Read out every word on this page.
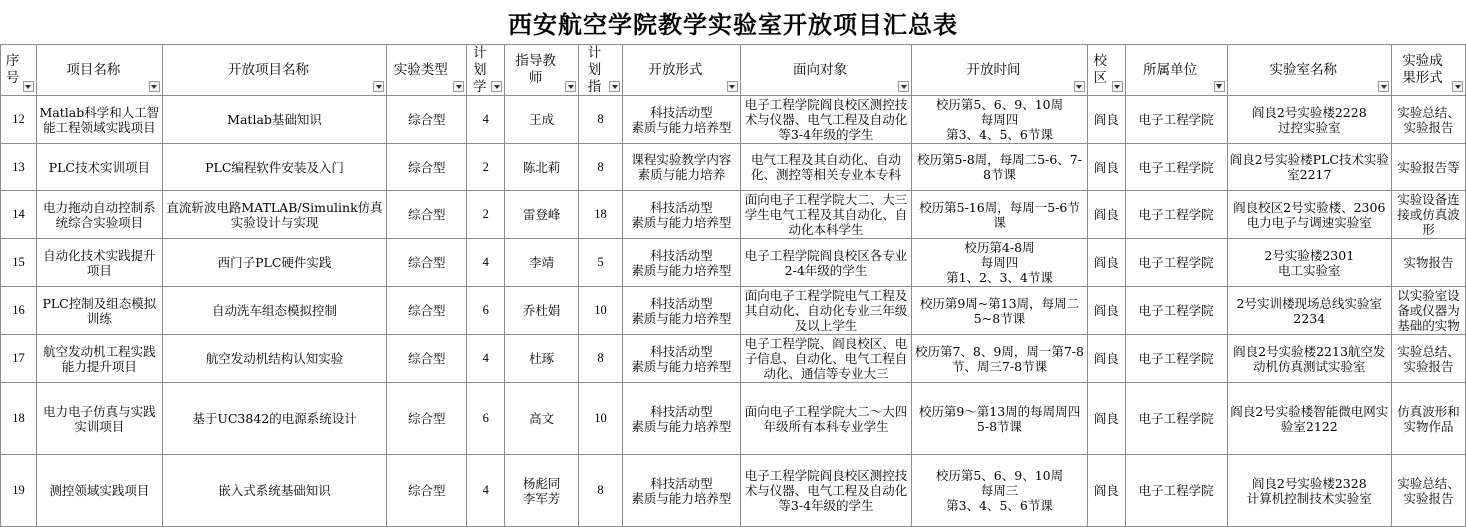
西安航空学院教学实验室开放项目汇总表
序号	项目名称	开放项目名称	实验类型	计划学	指导教师	计划指	开放形式	面向对象	开放时间	校区	所属单位	实验室名称	实验成果形式

12	Matlab科学和人工智能工程领域实践项目	Matlab基础知识	综合型	4	王成	8	科技活动型
素质与能力培养型	电子工程学院阎良校区测控技术与仪器、电气工程及自动化等3-4年级的学生	校历第5、6、9、10周
每周四
第3、4、5、6节课	阎良	电子工程学院	阎良2号实验楼2228
过控实验室	实验总结、实验报告

13	PLC技术实训项目	PLC编程软件安装及入门	综合型	2	陈北莉	8	课程实验教学内容
素质与能力培养	电气工程及其自动化、自动化、测控等相关专业本专科	校历第5-8周，每周二5-6、7-8节课	阎良	电子工程学院	阎良2号实验楼PLC技术实验室2217	实验报告等

14	电力拖动自动控制系统综合实验项目	直流斩波电路MATLAB/Simulink仿真实验设计与实现	综合型	2	雷登峰	18	科技活动型
素质与能力培养型	面向电子工程学院大二、大三学生电气工程及其自动化、自动化本科学生	校历第5-16周，每周一5-6节课	阎良	电子工程学院	阎良校区2号实验楼、2306电力电子与调速实验室	实验设备连接或仿真波形

15	自动化技术实践提升项目	西门子PLC硬件实践	综合型	4	李靖	5	科技活动型
素质与能力培养型	电子工程学院阎良校区各专业2-4年级的学生	校历第4-8周
每周四
第1、2、3、4节课	阎良	电子工程学院	2号实验楼2301
电工实验室	实物报告

16	PLC控制及组态模拟训练	自动洗车组态模拟控制	综合型	6	乔杜娟	10	科技活动型
素质与能力培养型	面向电子工程学院电气工程及其自动化、自动化专业三年级及以上学生	校历第9周~第13周，每周二5~8节课	阎良	电子工程学院	2号实训楼现场总线实验室2234	以实验室设备或仪器为基础的实物

17	航空发动机工程实践能力提升项目	航空发动机结构认知实验	综合型	4	杜琢	8	科技活动型
素质与能力培养型	电子工程学院、阎良校区、电子信息、自动化、电气工程自动化、通信等专业大三	校历第7、8、9周，周一第7-8节、周三7-8节课	阎良	电子工程学院	阎良2号实验楼2213航空发动机仿真测试实验室	实验总结、实验报告

18	电力电子仿真与实践实训项目	基于UC3842的电源系统设计	综合型	6	高文	10	科技活动型
素质与能力培养型	面向电子工程学院大二～大四年级所有本科专业学生	校历第9～第13周的每周周四5-8节课	阎良	电子工程学院	阎良2号实验楼智能微电网实验室2122	仿真波形和实物作品

19	测控领域实践项目	嵌入式系统基础知识	综合型	4	杨彪同
李军芳	8	科技活动型
素质与能力培养型	电子工程学院阎良校区测控技术与仪器、电气工程及自动化等3-4年级的学生	校历第5、6、9、10周
每周三
第3、4、5、6节课	阎良	电子工程学院	阎良2号实验楼2328
计算机控制技术实验室	实验总结、实验报告
